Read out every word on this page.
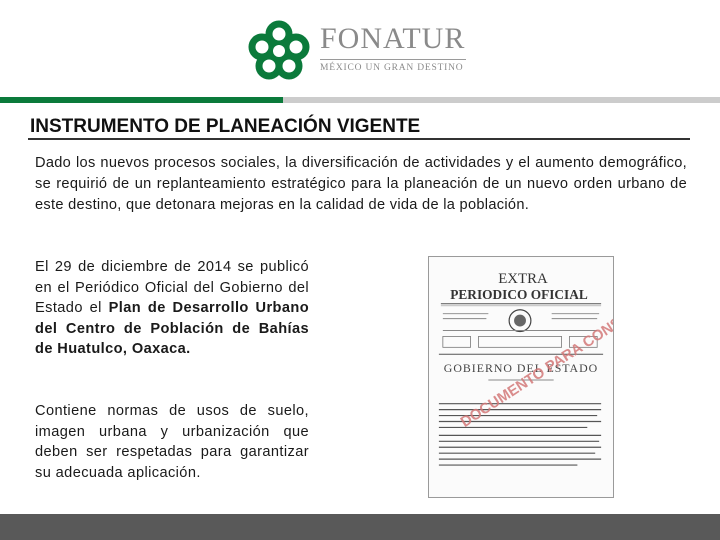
FONATUR
MÉXICO UN GRAN DESTINO
INSTRUMENTO DE PLANEACIÓN VIGENTE

Dado los nuevos procesos sociales, la diversificación de actividades y el aumento demográfico, se requirió de un replanteamiento estratégico para la planeación de un nuevo orden urbano de este destino, que detonara mejoras en la calidad de vida de la población.

El 29 de diciembre de 2014 se publicó en el Periódico Oficial del Gobierno del Estado el Plan de Desarrollo Urbano del Centro de Población de Bahías de Huatulco, Oaxaca.

Contiene normas de usos de suelo, imagen urbana y urbanización que deben ser respetadas para garantizar su adecuada aplicación.

EXTRA
PERIODICO OFICIAL
GOBIERNO DEL ESTADO
